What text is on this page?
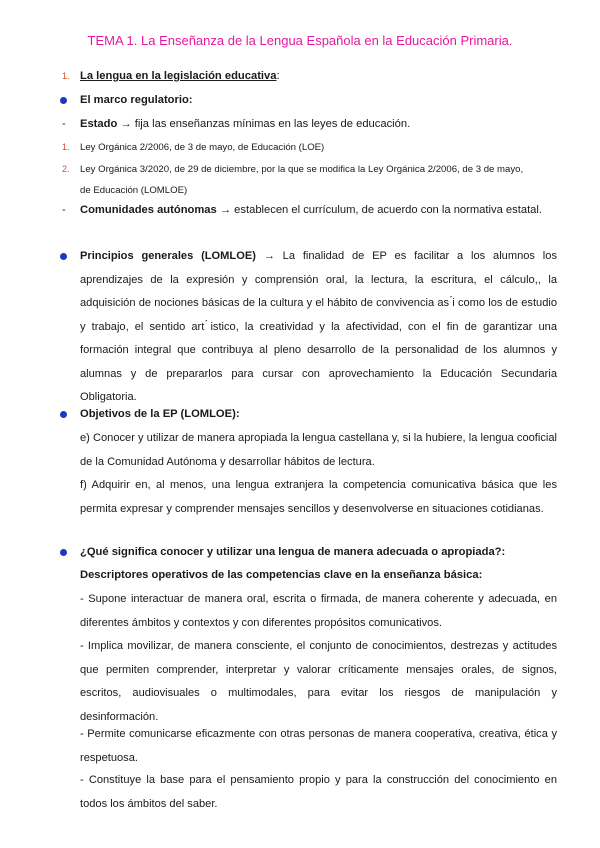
TEMA 1. La Enseñanza de la Lengua Española en la Educación Primaria.
1. La lengua en la legislación educativa:
El marco regulatorio:
- Estado → fija las enseñanzas mínimas en las leyes de educación.
1. Ley Orgánica 2/2006, de 3 de mayo, de Educación (LOE)
2. Ley Orgánica 3/2020, de 29 de diciembre, por la que se modifica la Ley Orgánica 2/2006, de 3 de mayo,
de Educación (LOMLOE)
- Comunidades autónomas → establecen el currículum, de acuerdo con la normativa estatal.
Principios generales (LOMLOE) → La finalidad de EP es facilitar a los alumnos los aprendizajes de la expresión y comprensión oral, la lectura, la escritura, el cálculo,, la adquisición de nociones básicas de la cultura y el hábito de convivencia as ́i como los de estudio y trabajo, el sentido art ́istico, la creatividad y la afectividad, con el fin de garantizar una formación integral que contribuya al pleno desarrollo de la personalidad de los alumnos y alumnas y de prepararlos para cursar con aprovechamiento la Educación Secundaria Obligatoria.
Objetivos de la EP (LOMLOE):
e) Conocer y utilizar de manera apropiada la lengua castellana y, si la hubiere, la lengua cooficial de la Comunidad Autónoma y desarrollar hábitos de lectura.
f) Adquirir en, al menos, una lengua extranjera la competencia comunicativa básica que les permita expresar y comprender mensajes sencillos y desenvolverse en situaciones cotidianas.
¿Qué significa conocer y utilizar una lengua de manera adecuada o apropiada?:
Descriptores operativos de las competencias clave en la enseñanza básica:
- Supone interactuar de manera oral, escrita o firmada, de manera coherente y adecuada, en diferentes ámbitos y contextos y con diferentes propósitos comunicativos.
- Implica movilizar, de manera consciente, el conjunto de conocimientos, destrezas y actitudes que permiten comprender, interpretar y valorar críticamente mensajes orales, de signos, escritos, audiovisuales o multimodales, para evitar los riesgos de manipulación y desinformación.
- Permite comunicarse eficazmente con otras personas de manera cooperativa, creativa, ética y respetuosa.
- Constituye la base para el pensamiento propio y para la construcción del conocimiento en todos los ámbitos del saber.
